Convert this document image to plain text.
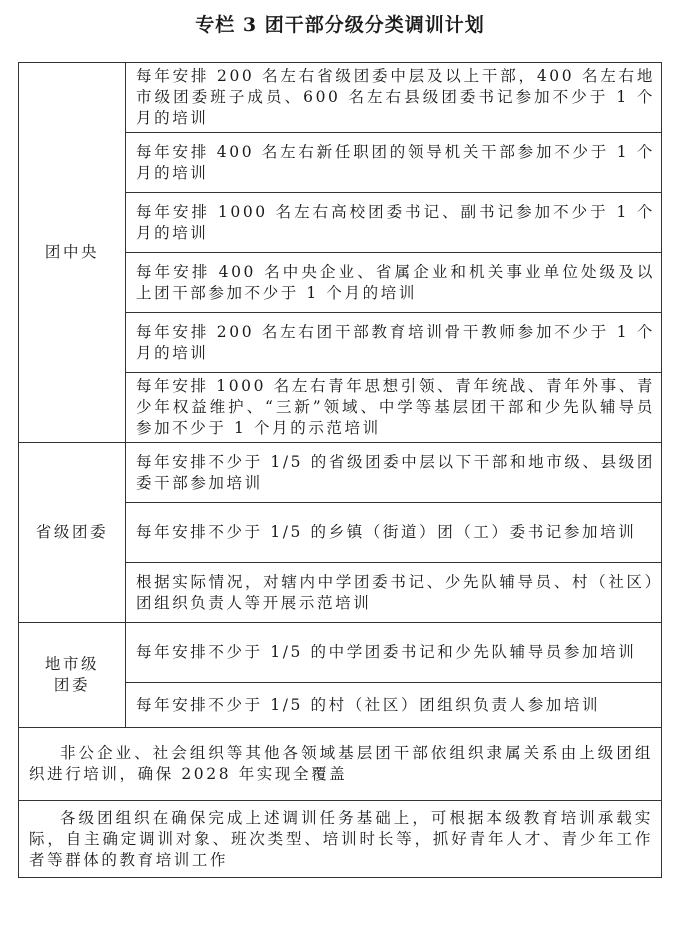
专栏 3 团干部分级分类调训计划
团中央	每年安排 200 名左右省级团委中层及以上干部，400 名左右地市级团委班子成员、600 名左右县级团委书记参加不少于 1 个月的培训
	每年安排 400 名左右新任职团的领导机关干部参加不少于 1 个月的培训
	每年安排 1000 名左右高校团委书记、副书记参加不少于 1 个月的培训
	每年安排 400 名中央企业、省属企业和机关事业单位处级及以上团干部参加不少于 1 个月的培训
	每年安排 200 名左右团干部教育培训骨干教师参加不少于 1 个月的培训
	每年安排 1000 名左右青年思想引领、青年统战、青年外事、青少年权益维护、“三新”领域、中学等基层团干部和少先队辅导员参加不少于 1 个月的示范培训
省级团委	每年安排不少于 1/5 的省级团委中层以下干部和地市级、县级团委干部参加培训
	每年安排不少于 1/5 的乡镇（街道）团（工）委书记参加培训
	根据实际情况，对辖内中学团委书记、少先队辅导员、村（社区）团组织负责人等开展示范培训

地市级
团委	每年安排不少于 1/5 的中学团委书记和少先队辅导员参加培训
	每年安排不少于 1/5 的村（社区）团组织负责人参加培训
非公企业、社会组织等其他各领域基层团干部依组织隶属关系由上级团组织进行培训，确保 2028 年实现全覆盖	
各级团组织在确保完成上述调训任务基础上，可根据本级教育培训承载实际，自主确定调训对象、班次类型、培训时长等，抓好青年人才、青少年工作者等群体的教育培训工作	
